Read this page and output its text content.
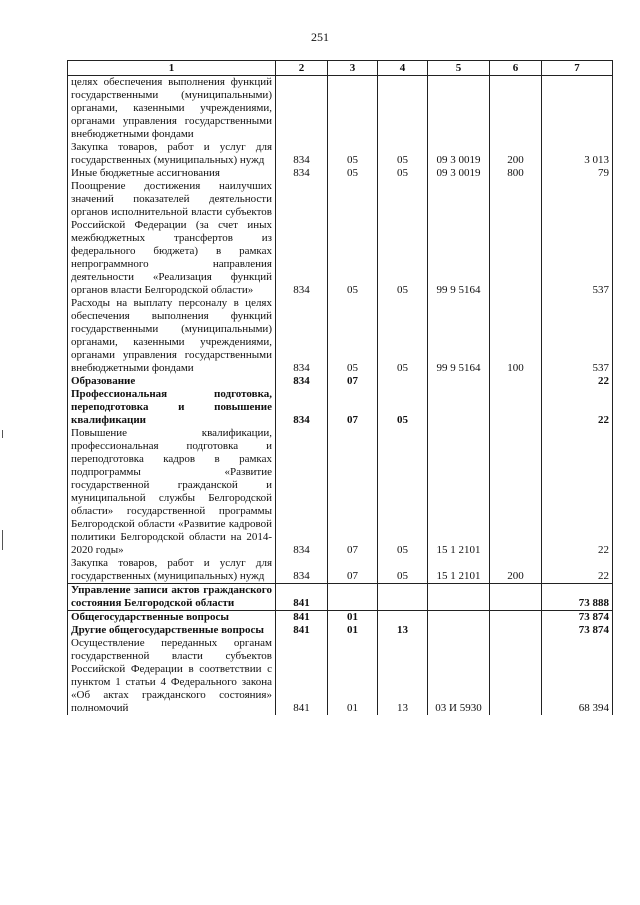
251
1	2	3	4	5	6	7
целях обеспечения выполнения функций государственными (муниципальными) органами, казенными учреждениями, органами управления государственными внебюджетными фондами						
Закупка товаров, работ и услуг для государственных (муниципальных) нужд	834	05	05	09 3 0019	200	3 013
Иные бюджетные ассигнования	834	05	05	09 3 0019	800	79
Поощрение достижения наилучших значений показателей деятельности органов исполнительной власти субъектов Российской Федерации (за счет иных межбюджетных трансфертов из федерального бюджета) в рамках непрограммного направления деятельности «Реализация функций органов власти Белгородской области»	834	05	05	99 9 5164		537
Расходы на выплату персоналу в целях обеспечения выполнения функций государственными (муниципальными) органами, казенными учреждениями, органами управления государственными внебюджетными фондами	834	05	05	99 9 5164	100	537
Образование	834	07				22
Профессиональная подготовка, переподготовка и повышение квалификации	834	07	05			22
Повышение квалификации, профессиональная подготовка и переподготовка кадров в рамках подпрограммы «Развитие государственной гражданской и муниципальной службы Белгородской области» государственной программы Белгородской области «Развитие кадровой политики Белгородской области на 2014-2020 годы»	834	07	05	15 1 2101		22
Закупка товаров, работ и услуг для государственных (муниципальных) нужд	834	07	05	15 1 2101	200	22
Управление записи актов гражданского состояния Белгородской области	841					73 888
Общегосударственные вопросы	841	01				73 874
Другие общегосударственные вопросы	841	01	13			73 874
Осуществление переданных органам государственной власти субъектов Российской Федерации в соответствии с пунктом 1 статьи 4 Федерального закона «Об актах гражданского состояния» полномочий	841	01	13	03 И 5930		68 394
